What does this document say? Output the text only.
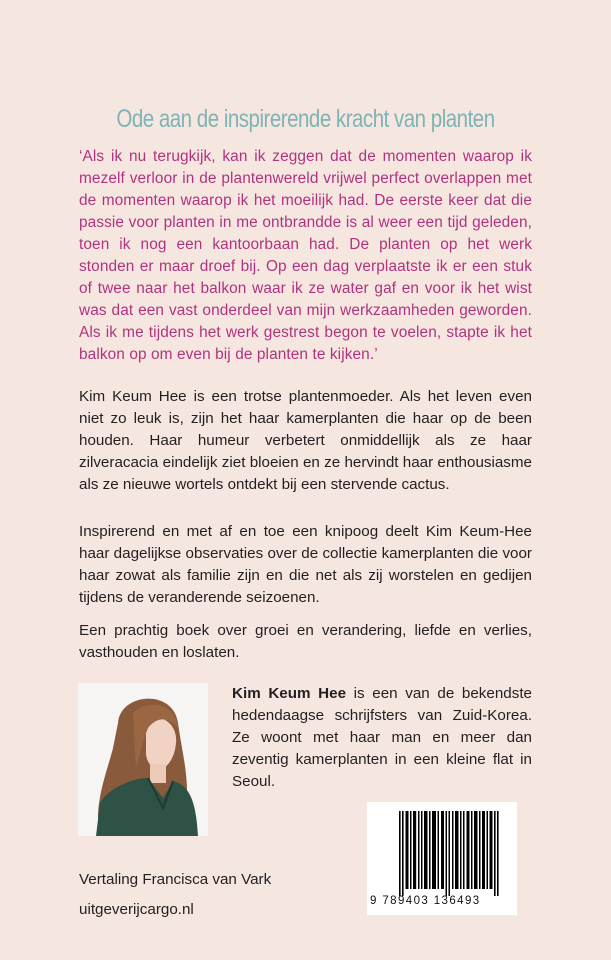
Ode aan de inspirerende kracht van planten
‘Als ik nu terugkijk, kan ik zeggen dat de momenten waarop ik mezelf verloor in de plantenwereld vrijwel perfect overlappen met de momenten waarop ik het moeilijk had. De eerste keer dat die passie voor planten in me ontbrandde is al weer een tijd geleden, toen ik nog een kantoorbaan had. De planten op het werk stonden er maar droef bij. Op een dag verplaatste ik er een stuk of twee naar het balkon waar ik ze water gaf en voor ik het wist was dat een vast onderdeel van mijn werkzaamheden geworden. Als ik me tijdens het werk gestrest begon te voelen, stapte ik het balkon op om even bij de planten te kijken.’
Kim Keum Hee is een trotse plantenmoeder. Als het leven even niet zo leuk is, zijn het haar kamerplanten die haar op de been houden. Haar humeur verbetert onmiddellijk als ze haar zilveracacia eindelijk ziet bloeien en ze hervindt haar enthousiasme als ze nieuwe wortels ontdekt bij een stervende cactus.
Inspirerend en met af en toe een knipoog deelt Kim Keum-Hee haar dagelijkse observaties over de collectie kamerplanten die voor haar zowat als familie zijn en die net als zij worstelen en gedijen tijdens de veranderende seizoenen.
Een prachtig boek over groei en verandering, liefde en verlies, vasthouden en loslaten.
Kim Keum Hee is een van de bekendste hedendaagse schrijfsters van Zuid-Korea. Ze woont met haar man en meer dan zeventig kamerplanten in een kleine flat in Seoul.
9 789403 136493
Vertaling Francisca van Vark
uitgeverijcargo.nl
